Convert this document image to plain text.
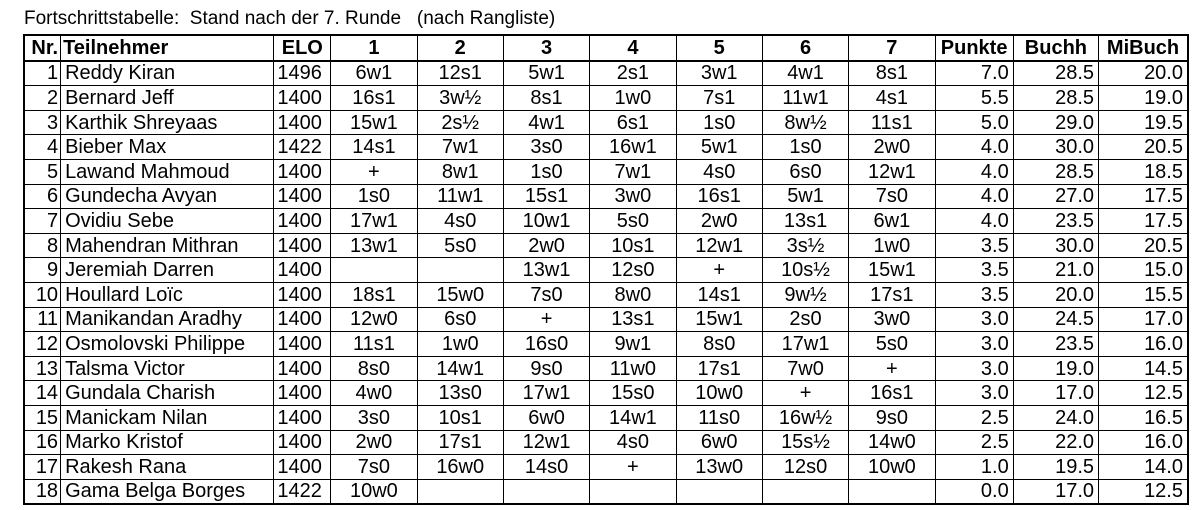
Fortschrittstabelle:  Stand nach der 7. Runde   (nach Rangliste)
Nr.	Teilnehmer	ELO	1	2	3	4	5	6	7	Punkte	Buchh	MiBuch
1	Reddy Kiran	1496	6w1	12s1	5w1	2s1	3w1	4w1	8s1	7.0	28.5	20.0
2	Bernard Jeff	1400	16s1	3w½	8s1	1w0	7s1	11w1	4s1	5.5	28.5	19.0
3	Karthik Shreyaas	1400	15w1	2s½	4w1	6s1	1s0	8w½	11s1	5.0	29.0	19.5
4	Bieber Max	1422	14s1	7w1	3s0	16w1	5w1	1s0	2w0	4.0	30.0	20.5
5	Lawand Mahmoud	1400	+	8w1	1s0	7w1	4s0	6s0	12w1	4.0	28.5	18.5
6	Gundecha Avyan	1400	1s0	11w1	15s1	3w0	16s1	5w1	7s0	4.0	27.0	17.5
7	Ovidiu Sebe	1400	17w1	4s0	10w1	5s0	2w0	13s1	6w1	4.0	23.5	17.5
8	Mahendran Mithran	1400	13w1	5s0	2w0	10s1	12w1	3s½	1w0	3.5	30.0	20.5
9	Jeremiah Darren	1400			13w1	12s0	+	10s½	15w1	3.5	21.0	15.0
10	Houllard Loïc	1400	18s1	15w0	7s0	8w0	14s1	9w½	17s1	3.5	20.0	15.5
11	Manikandan Aradhy	1400	12w0	6s0	+	13s1	15w1	2s0	3w0	3.0	24.5	17.0
12	Osmolovski Philippe	1400	11s1	1w0	16s0	9w1	8s0	17w1	5s0	3.0	23.5	16.0
13	Talsma Victor	1400	8s0	14w1	9s0	11w0	17s1	7w0	+	3.0	19.0	14.5
14	Gundala Charish	1400	4w0	13s0	17w1	15s0	10w0	+	16s1	3.0	17.0	12.5
15	Manickam Nilan	1400	3s0	10s1	6w0	14w1	11s0	16w½	9s0	2.5	24.0	16.5
16	Marko Kristof	1400	2w0	17s1	12w1	4s0	6w0	15s½	14w0	2.5	22.0	16.0
17	Rakesh Rana	1400	7s0	16w0	14s0	+	13w0	12s0	10w0	1.0	19.5	14.0
18	Gama Belga Borges	1422	10w0							0.0	17.0	12.5
